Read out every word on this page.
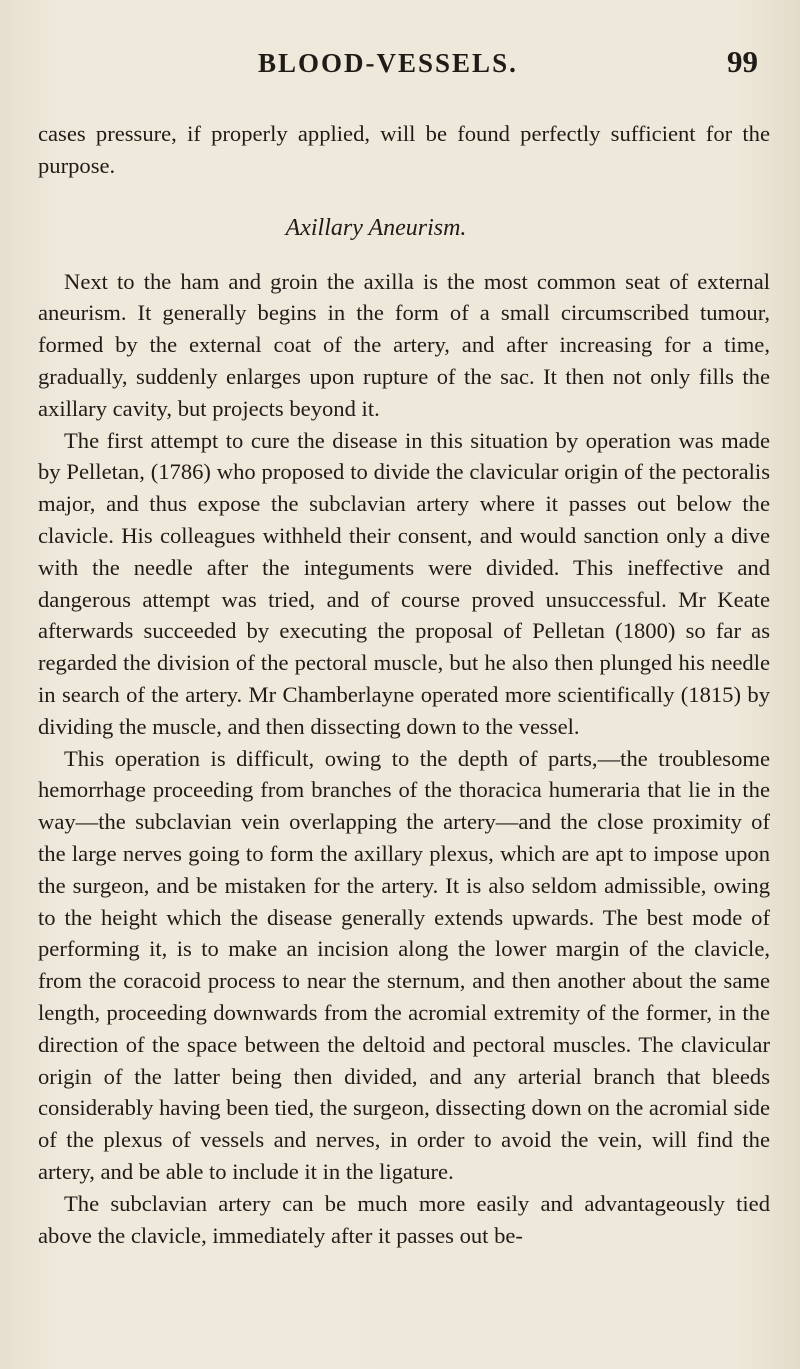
BLOOD-VESSELS.	99

cases pressure, if properly applied, will be found perfectly sufficient for the purpose.

Axillary Aneurism.

Next to the ham and groin the axilla is the most common seat of external aneurism. It generally begins in the form of a small circumscribed tumour, formed by the external coat of the artery, and after increasing for a time, gradually, suddenly enlarges upon rupture of the sac. It then not only fills the axillary cavity, but projects beyond it.

The first attempt to cure the disease in this situation by operation was made by Pelletan, (1786) who proposed to divide the clavicular origin of the pectoralis major, and thus expose the subclavian artery where it passes out below the clavicle. His colleagues withheld their consent, and would sanction only a dive with the needle after the integuments were divided. This ineffective and dangerous attempt was tried, and of course proved unsuccessful. Mr Keate afterwards succeeded by executing the proposal of Pelletan (1800) so far as regarded the division of the pectoral muscle, but he also then plunged his needle in search of the artery. Mr Chamberlayne operated more scientifically (1815) by dividing the muscle, and then dissecting down to the vessel.

This operation is difficult, owing to the depth of parts,—the troublesome hemorrhage proceeding from branches of the thoracica humeraria that lie in the way—the subclavian vein overlapping the artery—and the close proximity of the large nerves going to form the axillary plexus, which are apt to impose upon the surgeon, and be mistaken for the artery. It is also seldom admissible, owing to the height which the disease generally extends upwards. The best mode of performing it, is to make an incision along the lower margin of the clavicle, from the coracoid process to near the sternum, and then another about the same length, proceeding downwards from the acromial extremity of the former, in the direction of the space between the deltoid and pectoral muscles. The clavicular origin of the latter being then divided, and any arterial branch that bleeds considerably having been tied, the surgeon, dissecting down on the acromial side of the plexus of vessels and nerves, in order to avoid the vein, will find the artery, and be able to include it in the ligature.

The subclavian artery can be much more easily and advantageously tied above the clavicle, immediately after it passes out be-
